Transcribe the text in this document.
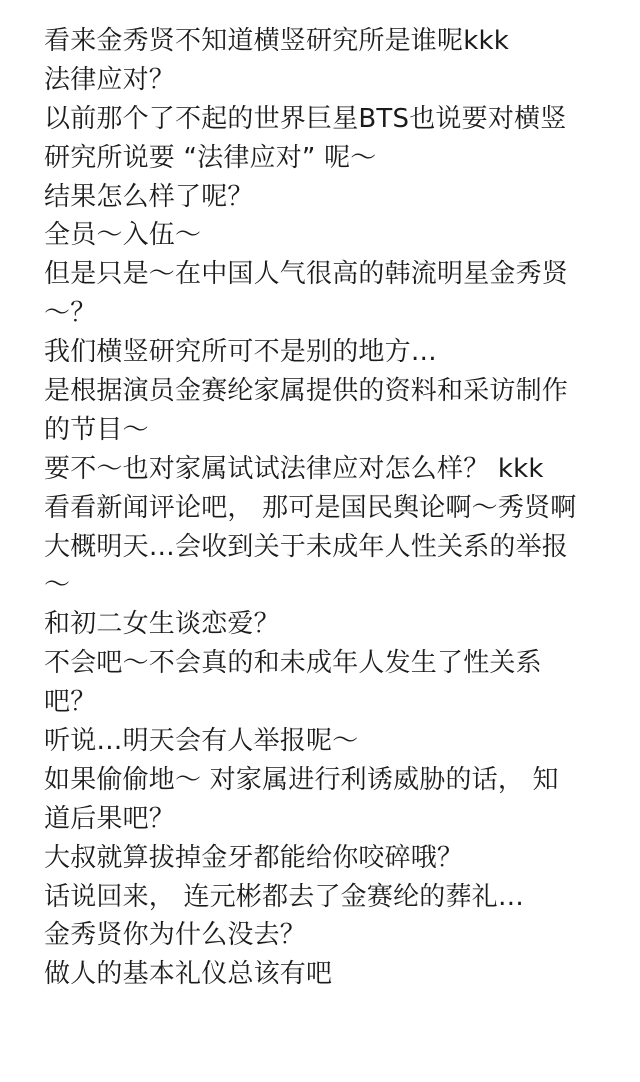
看来金秀贤不知道横竖研究所是谁呢kkk
法律应对？
以前那个了不起的世界巨星BTS也说要对横竖
研究所说要 “法律应对” 呢～
结果怎么样了呢？
全员～入伍～
但是只是～在中国人气很高的韩流明星金秀贤
～？
我们横竖研究所可不是别的地方…
是根据演员金赛纶家属提供的资料和采访制作
的节目～
要不～也对家属试试法律应对怎么样？ kkk
看看新闻评论吧， 那可是国民舆论啊～秀贤啊
大概明天…会收到关于未成年人性关系的举报
～
和初二女生谈恋爱？
不会吧～不会真的和未成年人发生了性关系
吧？
听说…明天会有人举报呢～
如果偷偷地～ 对家属进行利诱威胁的话， 知
道后果吧？
大叔就算拔掉金牙都能给你咬碎哦？
话说回来， 连元彬都去了金赛纶的葬礼…
金秀贤你为什么没去？
做人的基本礼仪总该有吧
